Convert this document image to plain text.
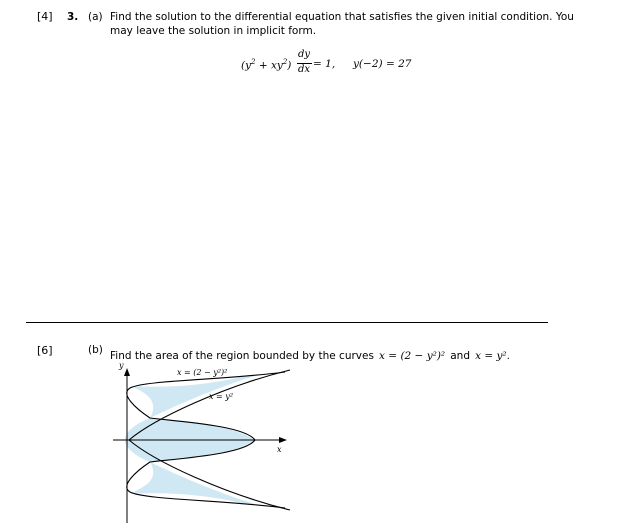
[4] 3. (a) Find the solution to the differential equation that satisfies the given initial condition. You
may leave the solution in implicit form.
$(y^2 + xy^2)$
dy
dx = 1, y(−2) = 27
[6]	(b) Find the area of the region bounded by the curves x = (2 − y²)² and x = y².
y
x
x = (2 − y²)²
x = y²
